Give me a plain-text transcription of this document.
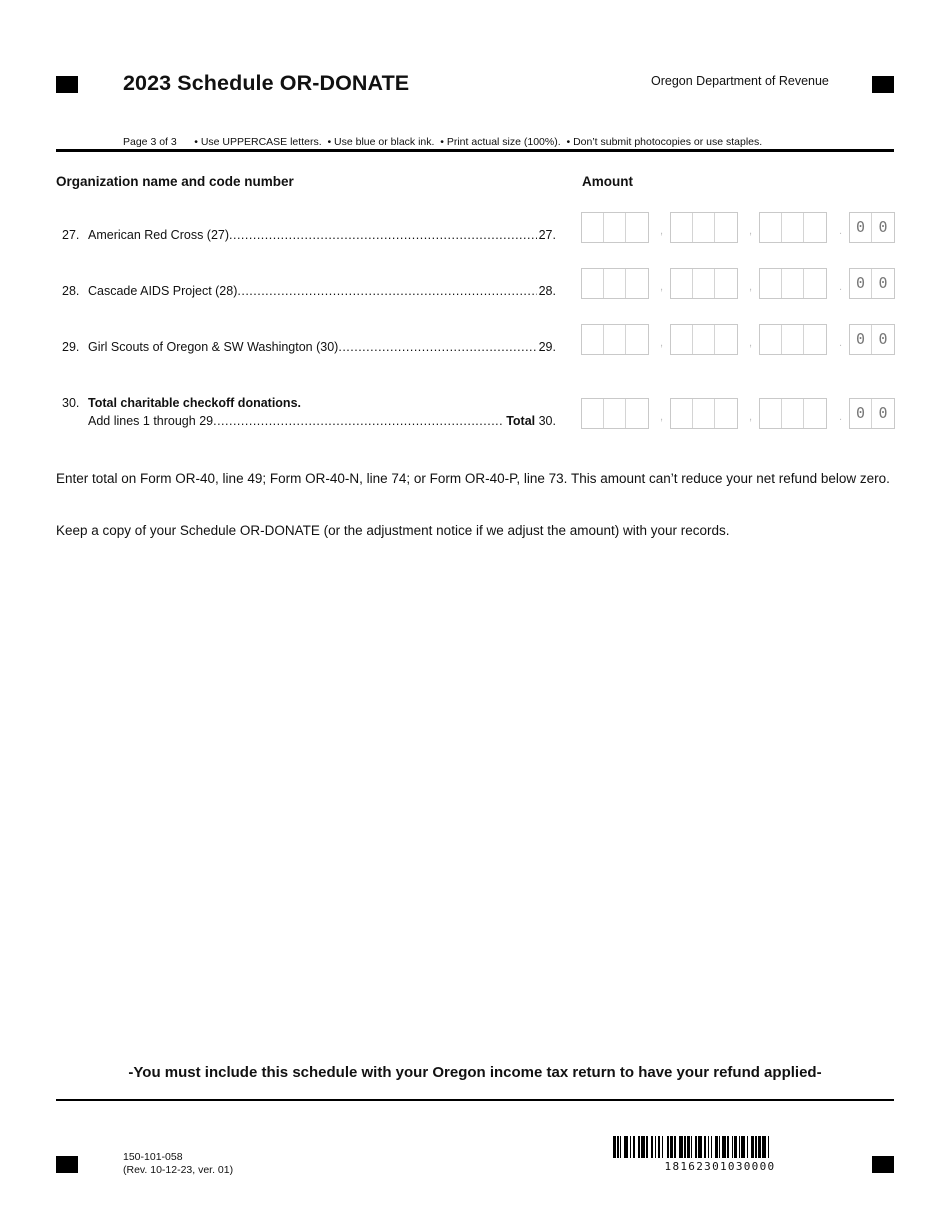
2023 Schedule OR-DONATE	Oregon Department of Revenue
Page 3 of 3 • Use UPPERCASE letters.  • Use blue or black ink.  • Print actual size (100%).  • Don’t submit photocopies or use staples.
Organization name and code number	Amount
27. American Red Cross (27) .....	27.	,	,	. 0 0
28. Cascade AIDS Project (28) .....	28.	,	,	. 0 0
29. Girl Scouts of Oregon & SW Washington (30) .....	29.	,	,	. 0 0
30. Total charitable checkoff donations.
Add lines 1 through 29 .....	Total 30.	,	,	. 0 0
Enter total on Form OR-40, line 49; Form OR-40-N, line 74; or Form OR-40-P, line 73. This amount can’t reduce your net refund below zero.
Keep a copy of your Schedule OR-DONATE (or the adjustment notice if we adjust the amount) with your records.
-You must include this schedule with your Oregon income tax return to have your refund applied-
150-101-058
(Rev. 10-12-23, ver. 01)	18162301030000
